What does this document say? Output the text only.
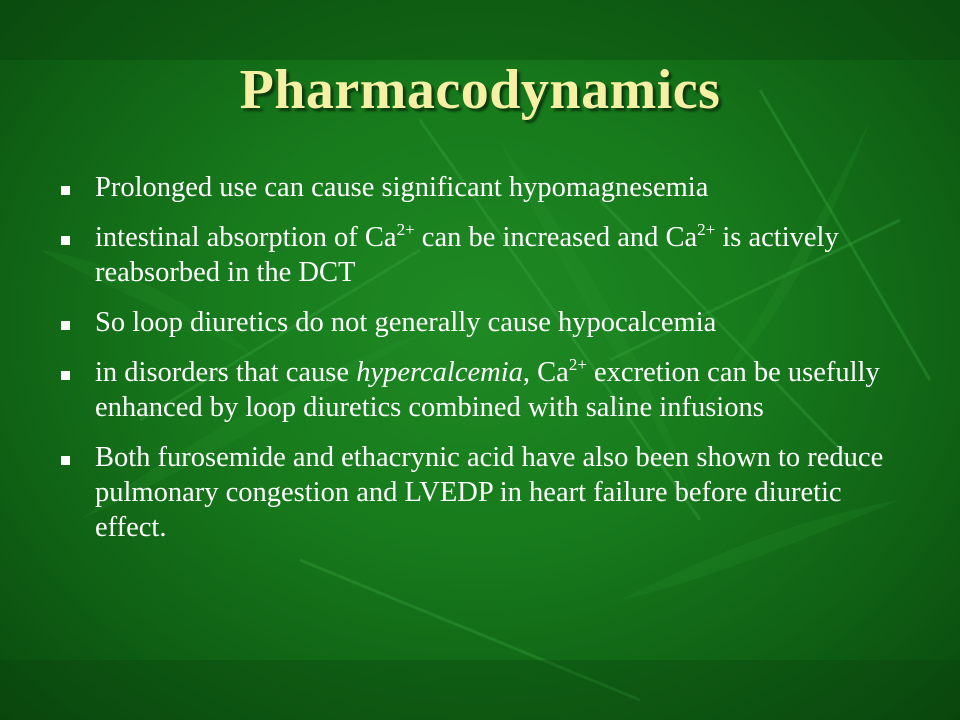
Pharmacodynamics
Prolonged use can cause significant hypomagnesemia
intestinal absorption of $Ca^{2+}$ can be increased and $Ca^{2+}$ is actively reabsorbed in the DCT
So loop diuretics do not generally cause hypocalcemia
in disorders that cause hypercalcemia, $Ca^{2+}$ excretion can be usefully enhanced by loop diuretics combined with saline infusions
Both furosemide and ethacrynic acid have also been shown to reduce pulmonary congestion and LVEDP in heart failure before diuretic effect.
